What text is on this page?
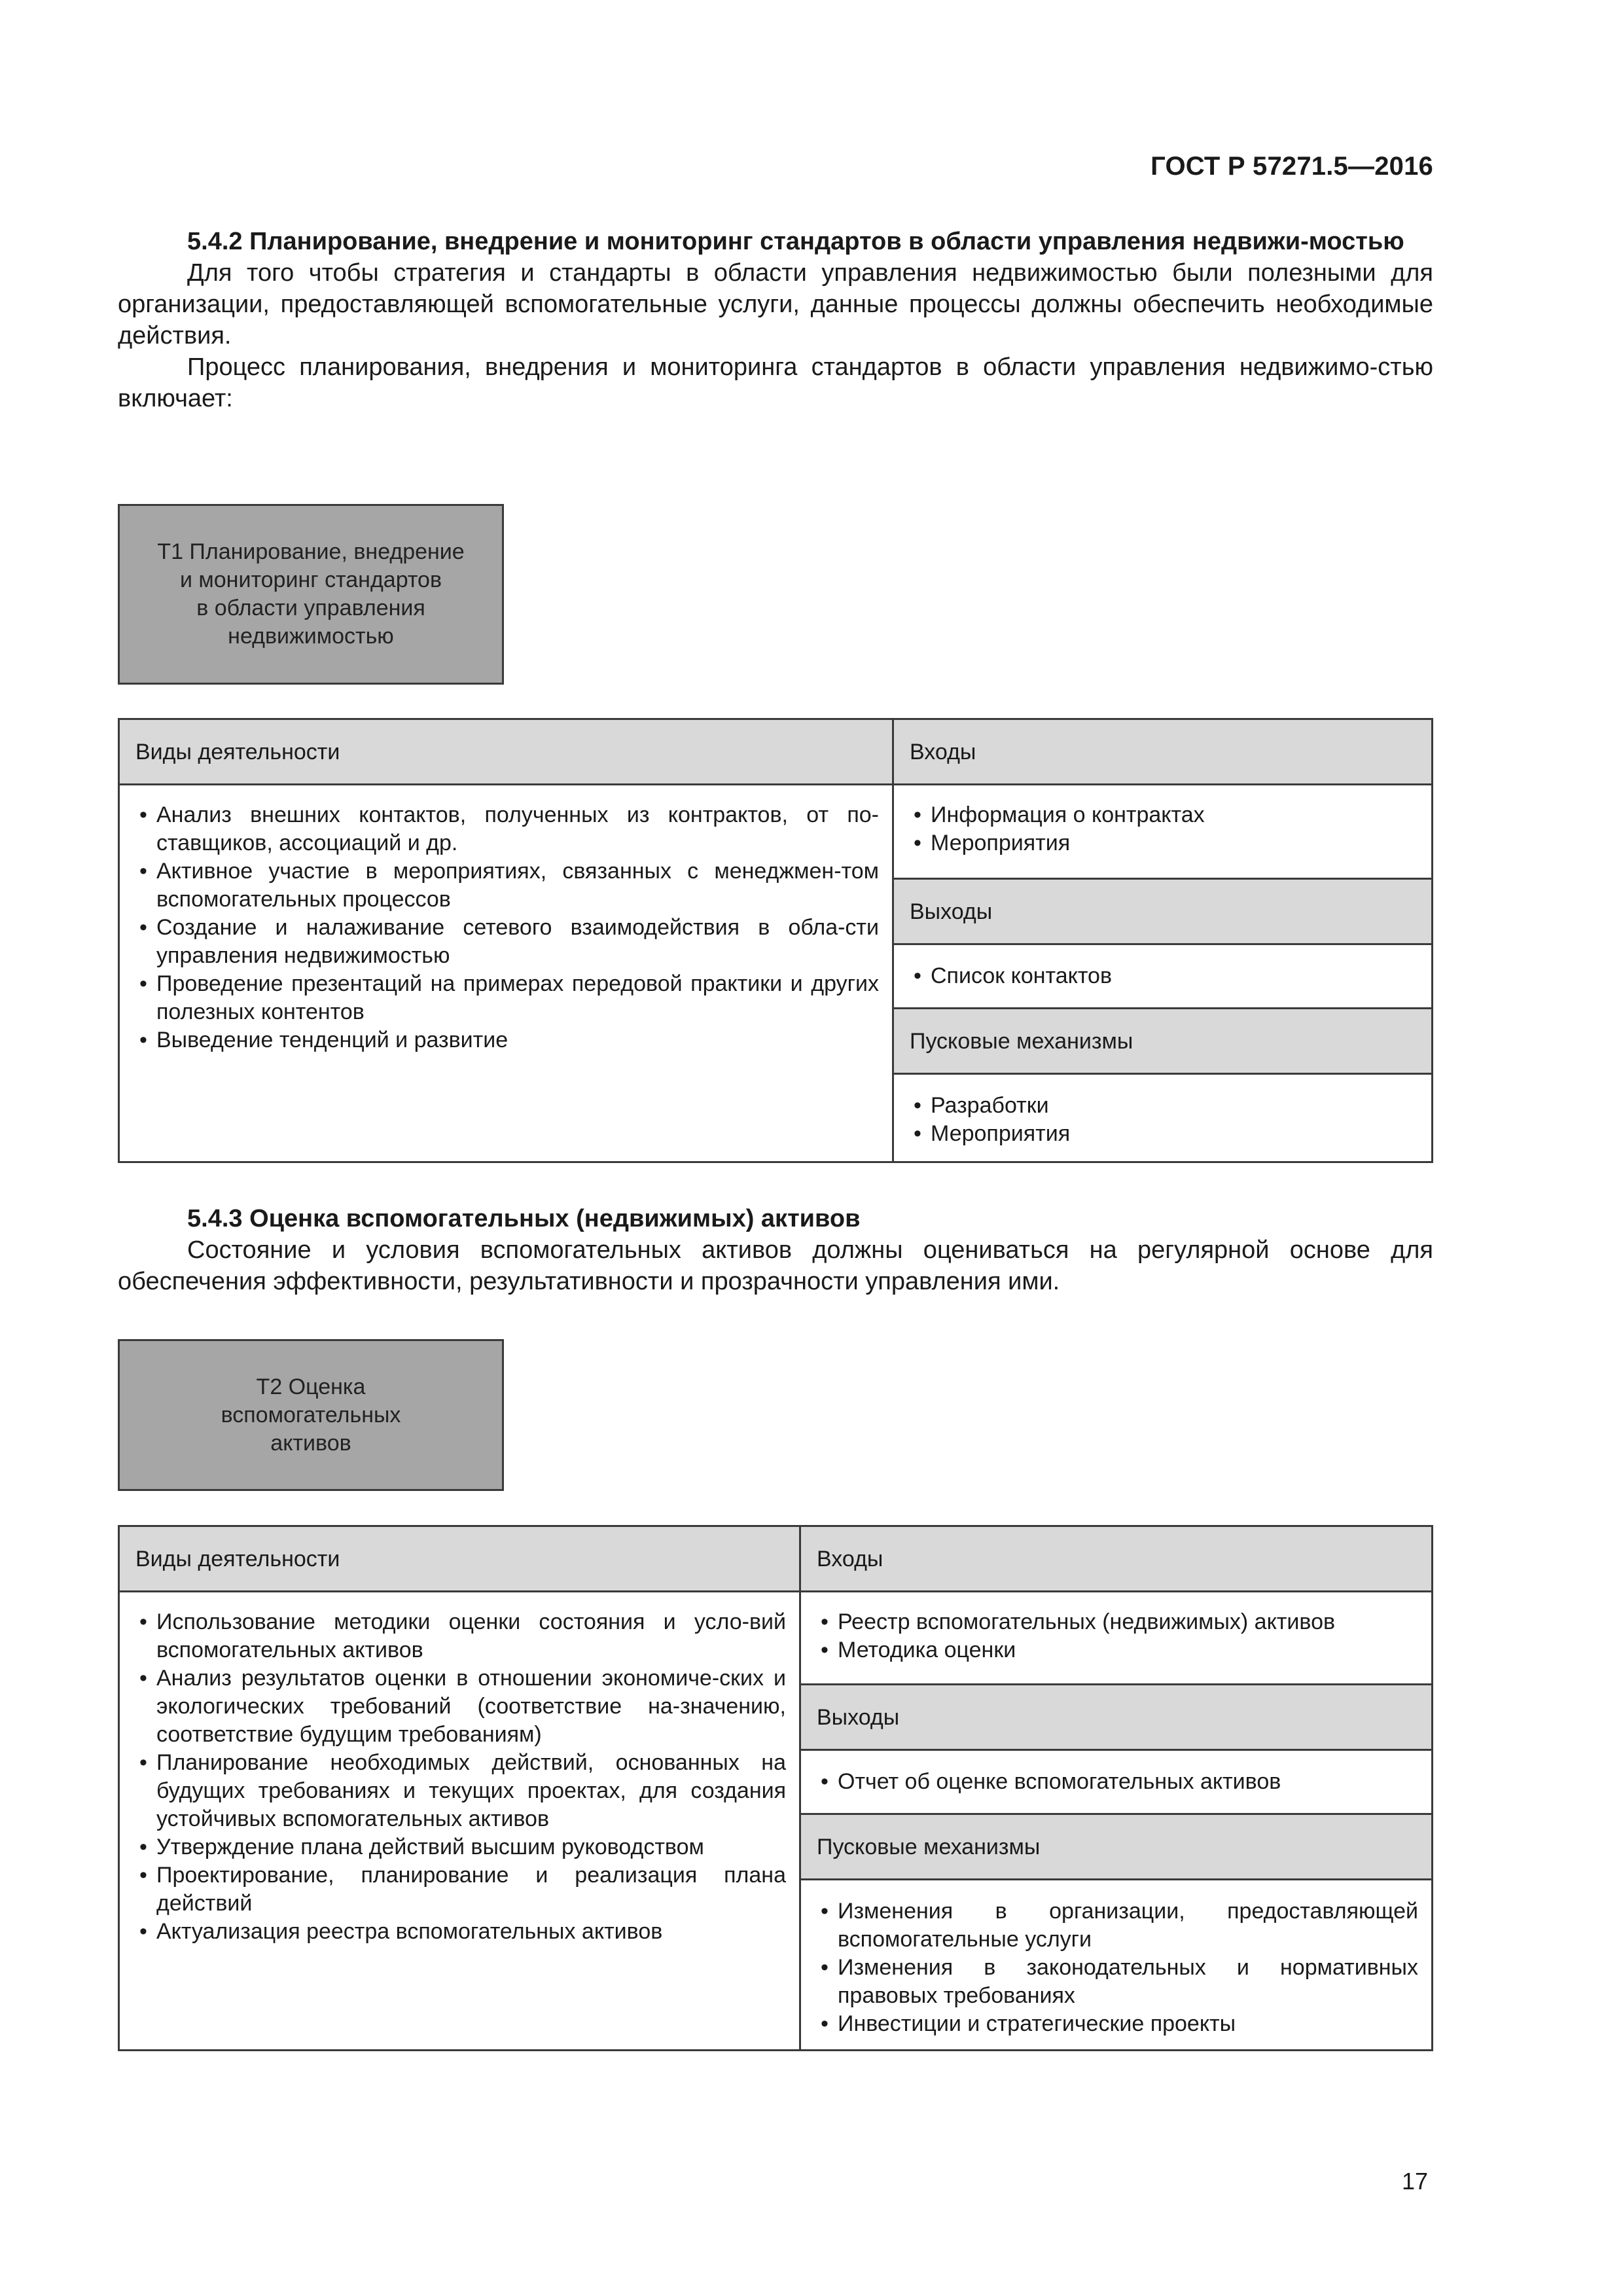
ГОСТ Р 57271.5—2016

5.4.2 Планирование, внедрение и мониторинг стандартов в области управления недвижи-мостью

Для того чтобы стратегия и стандарты в области управления недвижимостью были полезными для организации, предоставляющей вспомогательные услуги, данные процессы должны обеспечить необходимые действия.

Процесс планирования, внедрения и мониторинга стандартов в области управления недвижимо-стью включает:

Т1 Планирование, внедрение
и мониторинг стандартов
в области управления
недвижимостью
Виды деятельности	Входы
• Анализ внешних контактов, полученных из контрактов, от по-ставщиков, ассоциаций и др.
• Активное участие в мероприятиях, связанных с менеджмен-том вспомогательных процессов
• Создание и налаживание сетевого взаимодействия в обла-сти управления недвижимостью
• Проведение презентаций на примерах передовой практики и других полезных контентов
• Выведение тенденций и развитие
• Информация о контрактах
• Мероприятия
Выходы
• Список контактов
Пусковые механизмы
• Разработки
• Мероприятия

5.4.3 Оценка вспомогательных (недвижимых) активов

Состояние и условия вспомогательных активов должны оцениваться на регулярной основе для обеспечения эффективности, результативности и прозрачности управления ими.

Т2 Оценка
вспомогательных
активов
Виды деятельности	Входы
• Использование методики оценки состояния и усло-вий вспомогательных активов
• Анализ результатов оценки в отношении экономиче-ских и экологических требований (соответствие на-значению, соответствие будущим требованиям)
• Планирование необходимых действий, основанных на будущих требованиях и текущих проектах, для создания устойчивых вспомогательных активов
• Утверждение плана действий высшим руководством
• Проектирование, планирование и реализация плана действий
• Актуализация реестра вспомогательных активов
• Реестр вспомогательных (недвижимых) активов
• Методика оценки
Выходы
• Отчет об оценке вспомогательных активов
Пусковые механизмы
• Изменения в организации, предоставляющей вспомогательные услуги
• Изменения в законодательных и нормативных правовых требованиях
• Инвестиции и стратегические проекты
17
